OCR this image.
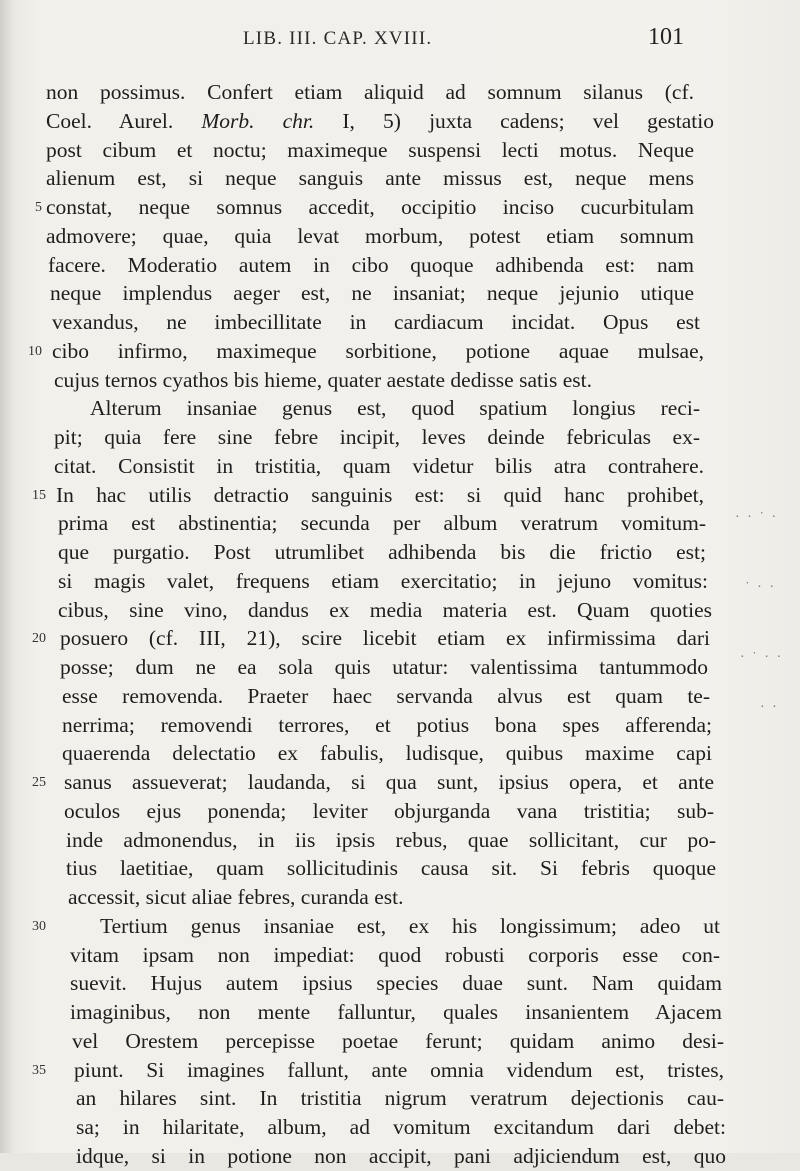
LIB. III. CAP. XVIII.	101
non possimus. Confert etiam aliquid ad somnum silanus (cf.
Coel. Aurel. Morb. chr. I, 5) juxta cadens; vel gestatio
post cibum et noctu; maximeque suspensi lecti motus. Neque
alienum est, si neque sanguis ante missus est, neque mens
5 constat, neque somnus accedit, occipitio inciso cucurbitulam
admovere; quae, quia levat morbum, potest etiam somnum
facere. Moderatio autem in cibo quoque adhibenda est: nam
neque implendus aeger est, ne insaniat; neque jejunio utique
vexandus, ne imbecillitate in cardiacum incidat. Opus est
10 cibo infirmo, maximeque sorbitione, potione aquae mulsae,
cujus ternos cyathos bis hieme, quater aestate dedisse satis est.
Alterum insaniae genus est, quod spatium longius reci-
pit; quia fere sine febre incipit, leves deinde febriculas ex-
citat. Consistit in tristitia, quam videtur bilis atra contrahere.
15 In hac utilis detractio sanguinis est: si quid hanc prohibet,
prima est abstinentia; secunda per album veratrum vomitum-
que purgatio. Post utrumlibet adhibenda bis die frictio est;
si magis valet, frequens etiam exercitatio; in jejuno vomitus:
cibus, sine vino, dandus ex media materia est. Quam quoties
20 posuero (cf. III, 21), scire licebit etiam ex infirmissima dari
posse; dum ne ea sola quis utatur: valentissima tantummodo
esse removenda. Praeter haec servanda alvus est quam te-
nerrima; removendi terrores, et potius bona spes afferenda;
quaerenda delectatio ex fabulis, ludisque, quibus maxime capi
25 sanus assueverat; laudanda, si qua sunt, ipsius opera, et ante
oculos ejus ponenda; leviter objurganda vana tristitia; sub-
inde admonendus, in iis ipsis rebus, quae sollicitant, cur po-
tius laetitiae, quam sollicitudinis causa sit. Si febris quoque
accessit, sicut aliae febres, curanda est.
30	Tertium genus insaniae est, ex his longissimum; adeo ut
vitam ipsam non impediat: quod robusti corporis esse con-
suevit. Hujus autem ipsius species duae sunt. Nam quidam
imaginibus, non mente falluntur, quales insanientem Ajacem
vel Orestem percepisse poetae ferunt; quidam animo desi-
35 piunt. Si imagines fallunt, ante omnia videndum est, tristes,
an hilares sint. In tristitia nigrum veratrum dejectionis cau-
sa; in hilaritate, album, ad vomitum excitandum dari debet:
idque, si in potione non accipit, pani adjiciendum est, quo
· · ˙ ·
˙ · ·
· ˙ · ·
· ·
